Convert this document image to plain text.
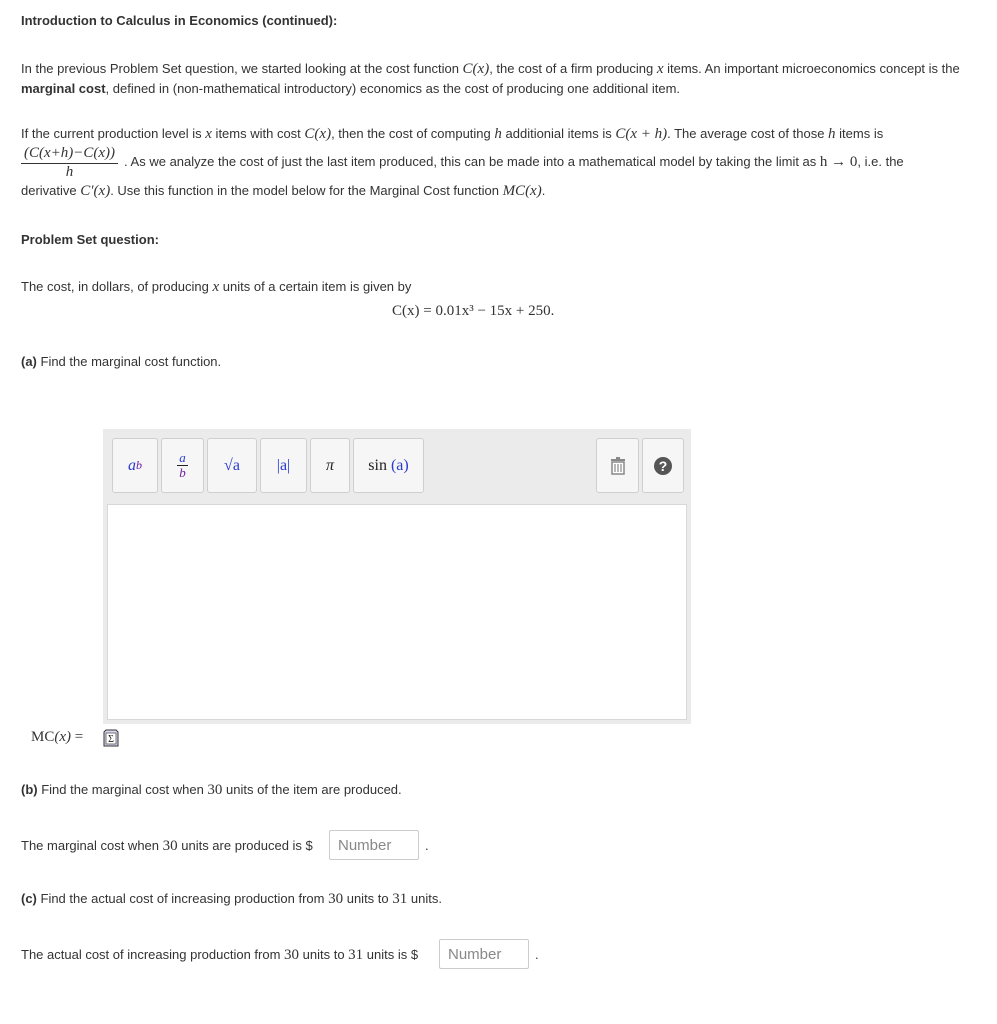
Introduction to Calculus in Economics (continued):

In the previous Problem Set question, we started looking at the cost function C(x), the cost of a firm producing x items. An important microeconomics concept is the marginal cost, defined in (non-mathematical introductory) economics as the cost of producing one additional item.

If the current production level is x items with cost C(x), then the cost of computing h additionial items is C(x + h). The average cost of those h items is

$\frac{(C(x+h)-C(x))}{h}$ . As we analyze the cost of just the last item produced, this can be made into a mathematical model by taking the limit as h → 0, i.e. the

derivative C′(x). Use this function in the model below for the Marginal Cost function MC(x).

Problem Set question:

The cost, in dollars, of producing x units of a certain item is given by

C(x) = 0.01x³ − 15x + 250.

(a) Find the marginal cost function.

a b	a
b √a |a| π sin
(a)	?
MC(x) = Σ

(b) Find the marginal cost when 30 units of the item are produced.

The marginal cost when 30 units are produced is $

Number	.

(c) Find the actual cost of increasing production from 30 units to 31 units.

The actual cost of increasing production from 30 units to 31 units is $

Number	.
